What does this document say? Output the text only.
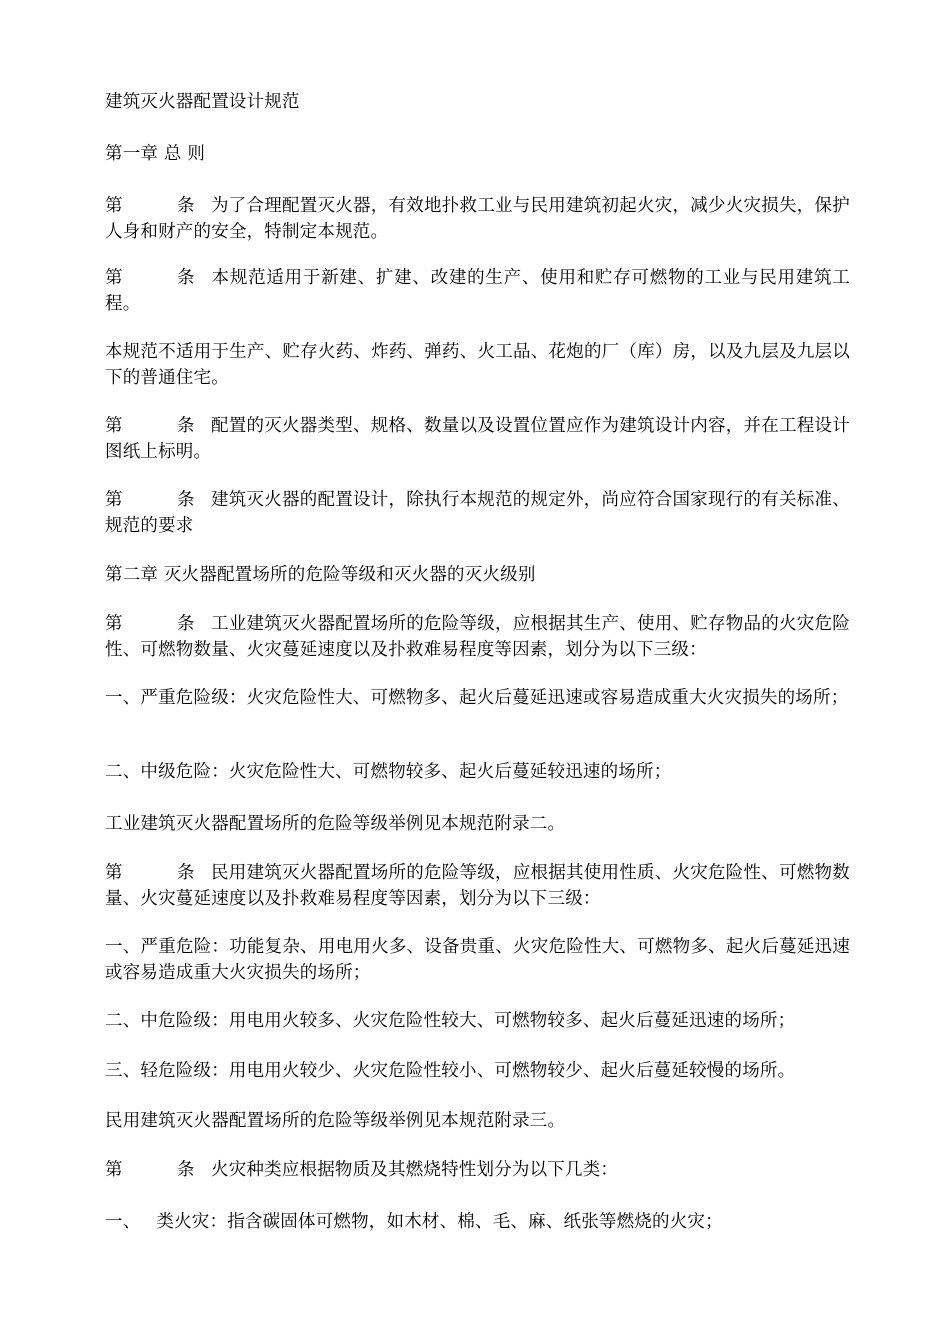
建筑灭火器配置设计规范

第一章 总 则

第	条 为了合理配置灭火器，有效地扑救工业与民用建筑初起火灾，减少火灾损失，保护人身和财产的安全，特制定本规范。

第	条 本规范适用于新建、扩建、改建的生产、使用和贮存可燃物的工业与民用建筑工程。

本规范不适用于生产、贮存火药、炸药、弹药、火工品、花炮的厂（库）房，以及九层及九层以下的普通住宅。

第	条 配置的灭火器类型、规格、数量以及设置位置应作为建筑设计内容，并在工程设计图纸上标明。

第	条 建筑灭火器的配置设计，除执行本规范的规定外，尚应符合国家现行的有关标准、规范的要求

第二章 灭火器配置场所的危险等级和灭火器的灭火级别

第	条 工业建筑灭火器配置场所的危险等级，应根据其生产、使用、贮存物品的火灾危险性、可燃物数量、火灾蔓延速度以及扑救难易程度等因素，划分为以下三级：

一、严重危险级：火灾危险性大、可燃物多、起火后蔓延迅速或容易造成重大火灾损失的场所；

二、中级危险：火灾危险性大、可燃物较多、起火后蔓延较迅速的场所；

工业建筑灭火器配置场所的危险等级举例见本规范附录二。

第	条 民用建筑灭火器配置场所的危险等级，应根据其使用性质、火灾危险性、可燃物数量、火灾蔓延速度以及扑救难易程度等因素，划分为以下三级：

一、严重危险：功能复杂、用电用火多、设备贵重、火灾危险性大、可燃物多、起火后蔓延迅速或容易造成重大火灾损失的场所；

二、中危险级：用电用火较多、火灾危险性较大、可燃物较多、起火后蔓延迅速的场所；

三、轻危险级：用电用火较少、火灾危险性较小、可燃物较少、起火后蔓延较慢的场所。

民用建筑灭火器配置场所的危险等级举例见本规范附录三。

第	条 火灾种类应根据物质及其燃烧特性划分为以下几类：

一、 类火灾：指含碳固体可燃物，如木材、棉、毛、麻、纸张等燃烧的火灾；
